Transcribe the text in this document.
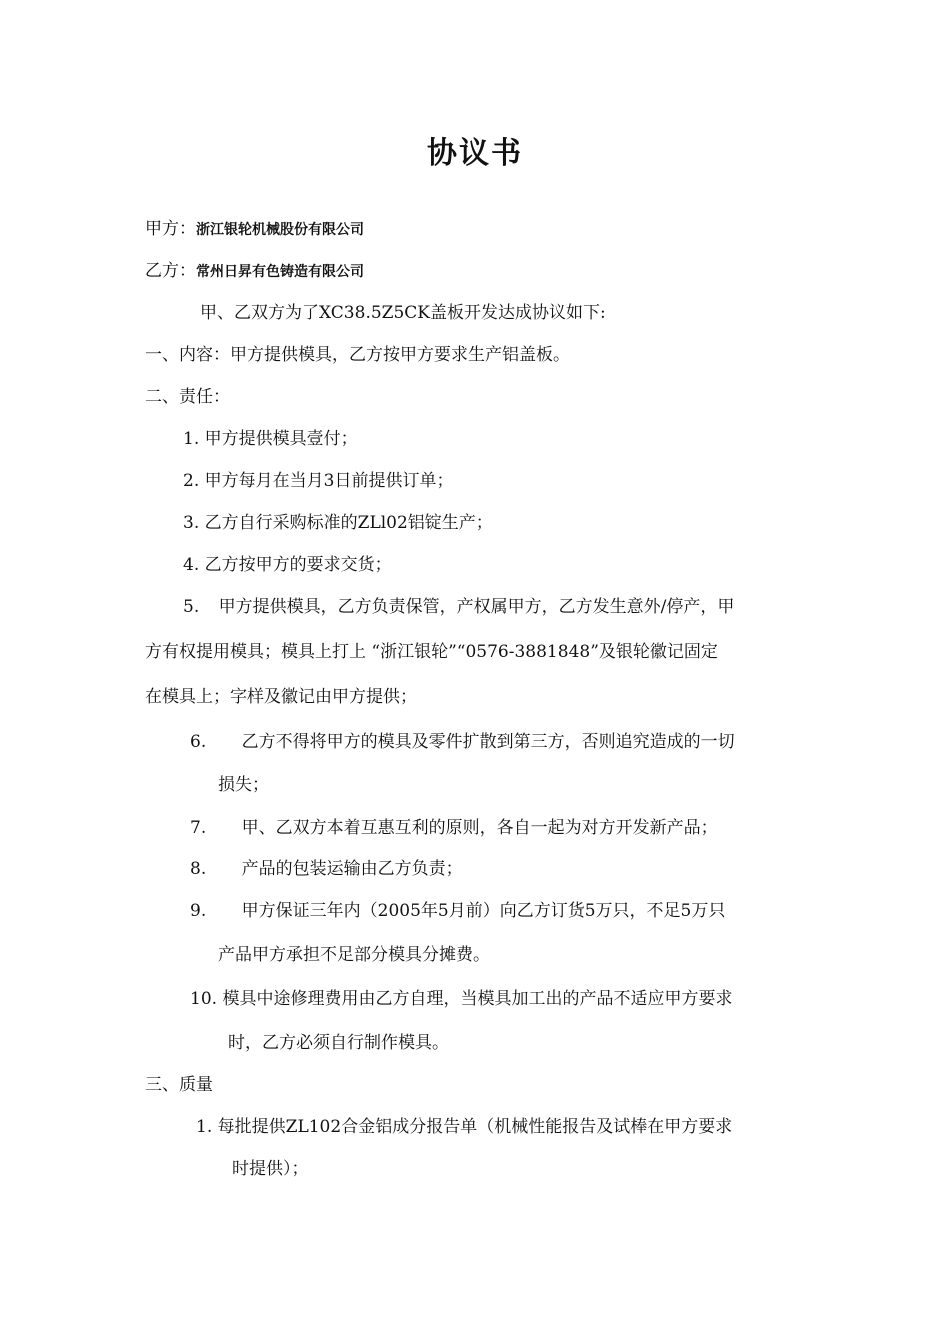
协议书
甲方：浙江银轮机械股份有限公司
乙方：常州日昇有色铸造有限公司
甲、乙双方为了XC38.5Z5CK盖板开发达成协议如下:
一、内容：甲方提供模具，乙方按甲方要求生产铝盖板。
二、责任：
1. 甲方提供模具壹付；
2. 甲方每月在当月3日前提供订单；
3. 乙方自行采购标准的ZLl02铝锭生产；
4. 乙方按甲方的要求交货；
5. 甲方提供模具，乙方负责保管，产权属甲方，乙方发生意外/停产，甲
方有权提用模具；模具上打上 “浙江银轮”“0576-3881848”及银轮徽记固定
在模具上；字样及徽记由甲方提供；
6. 乙方不得将甲方的模具及零件扩散到第三方，否则追究造成的一切
损失；
7. 甲、乙双方本着互惠互利的原则，各自一起为对方开发新产品；
8. 产品的包装运输由乙方负责；
9. 甲方保证三年内（2005年5月前）向乙方订货5万只，不足5万只
产品甲方承担不足部分模具分摊费。
10. 模具中途修理费用由乙方自理，当模具加工出的产品不适应甲方要求
时，乙方必须自行制作模具。
三、质量
1. 每批提供ZL102合金铝成分报告单（机械性能报告及试棒在甲方要求
时提供）；
